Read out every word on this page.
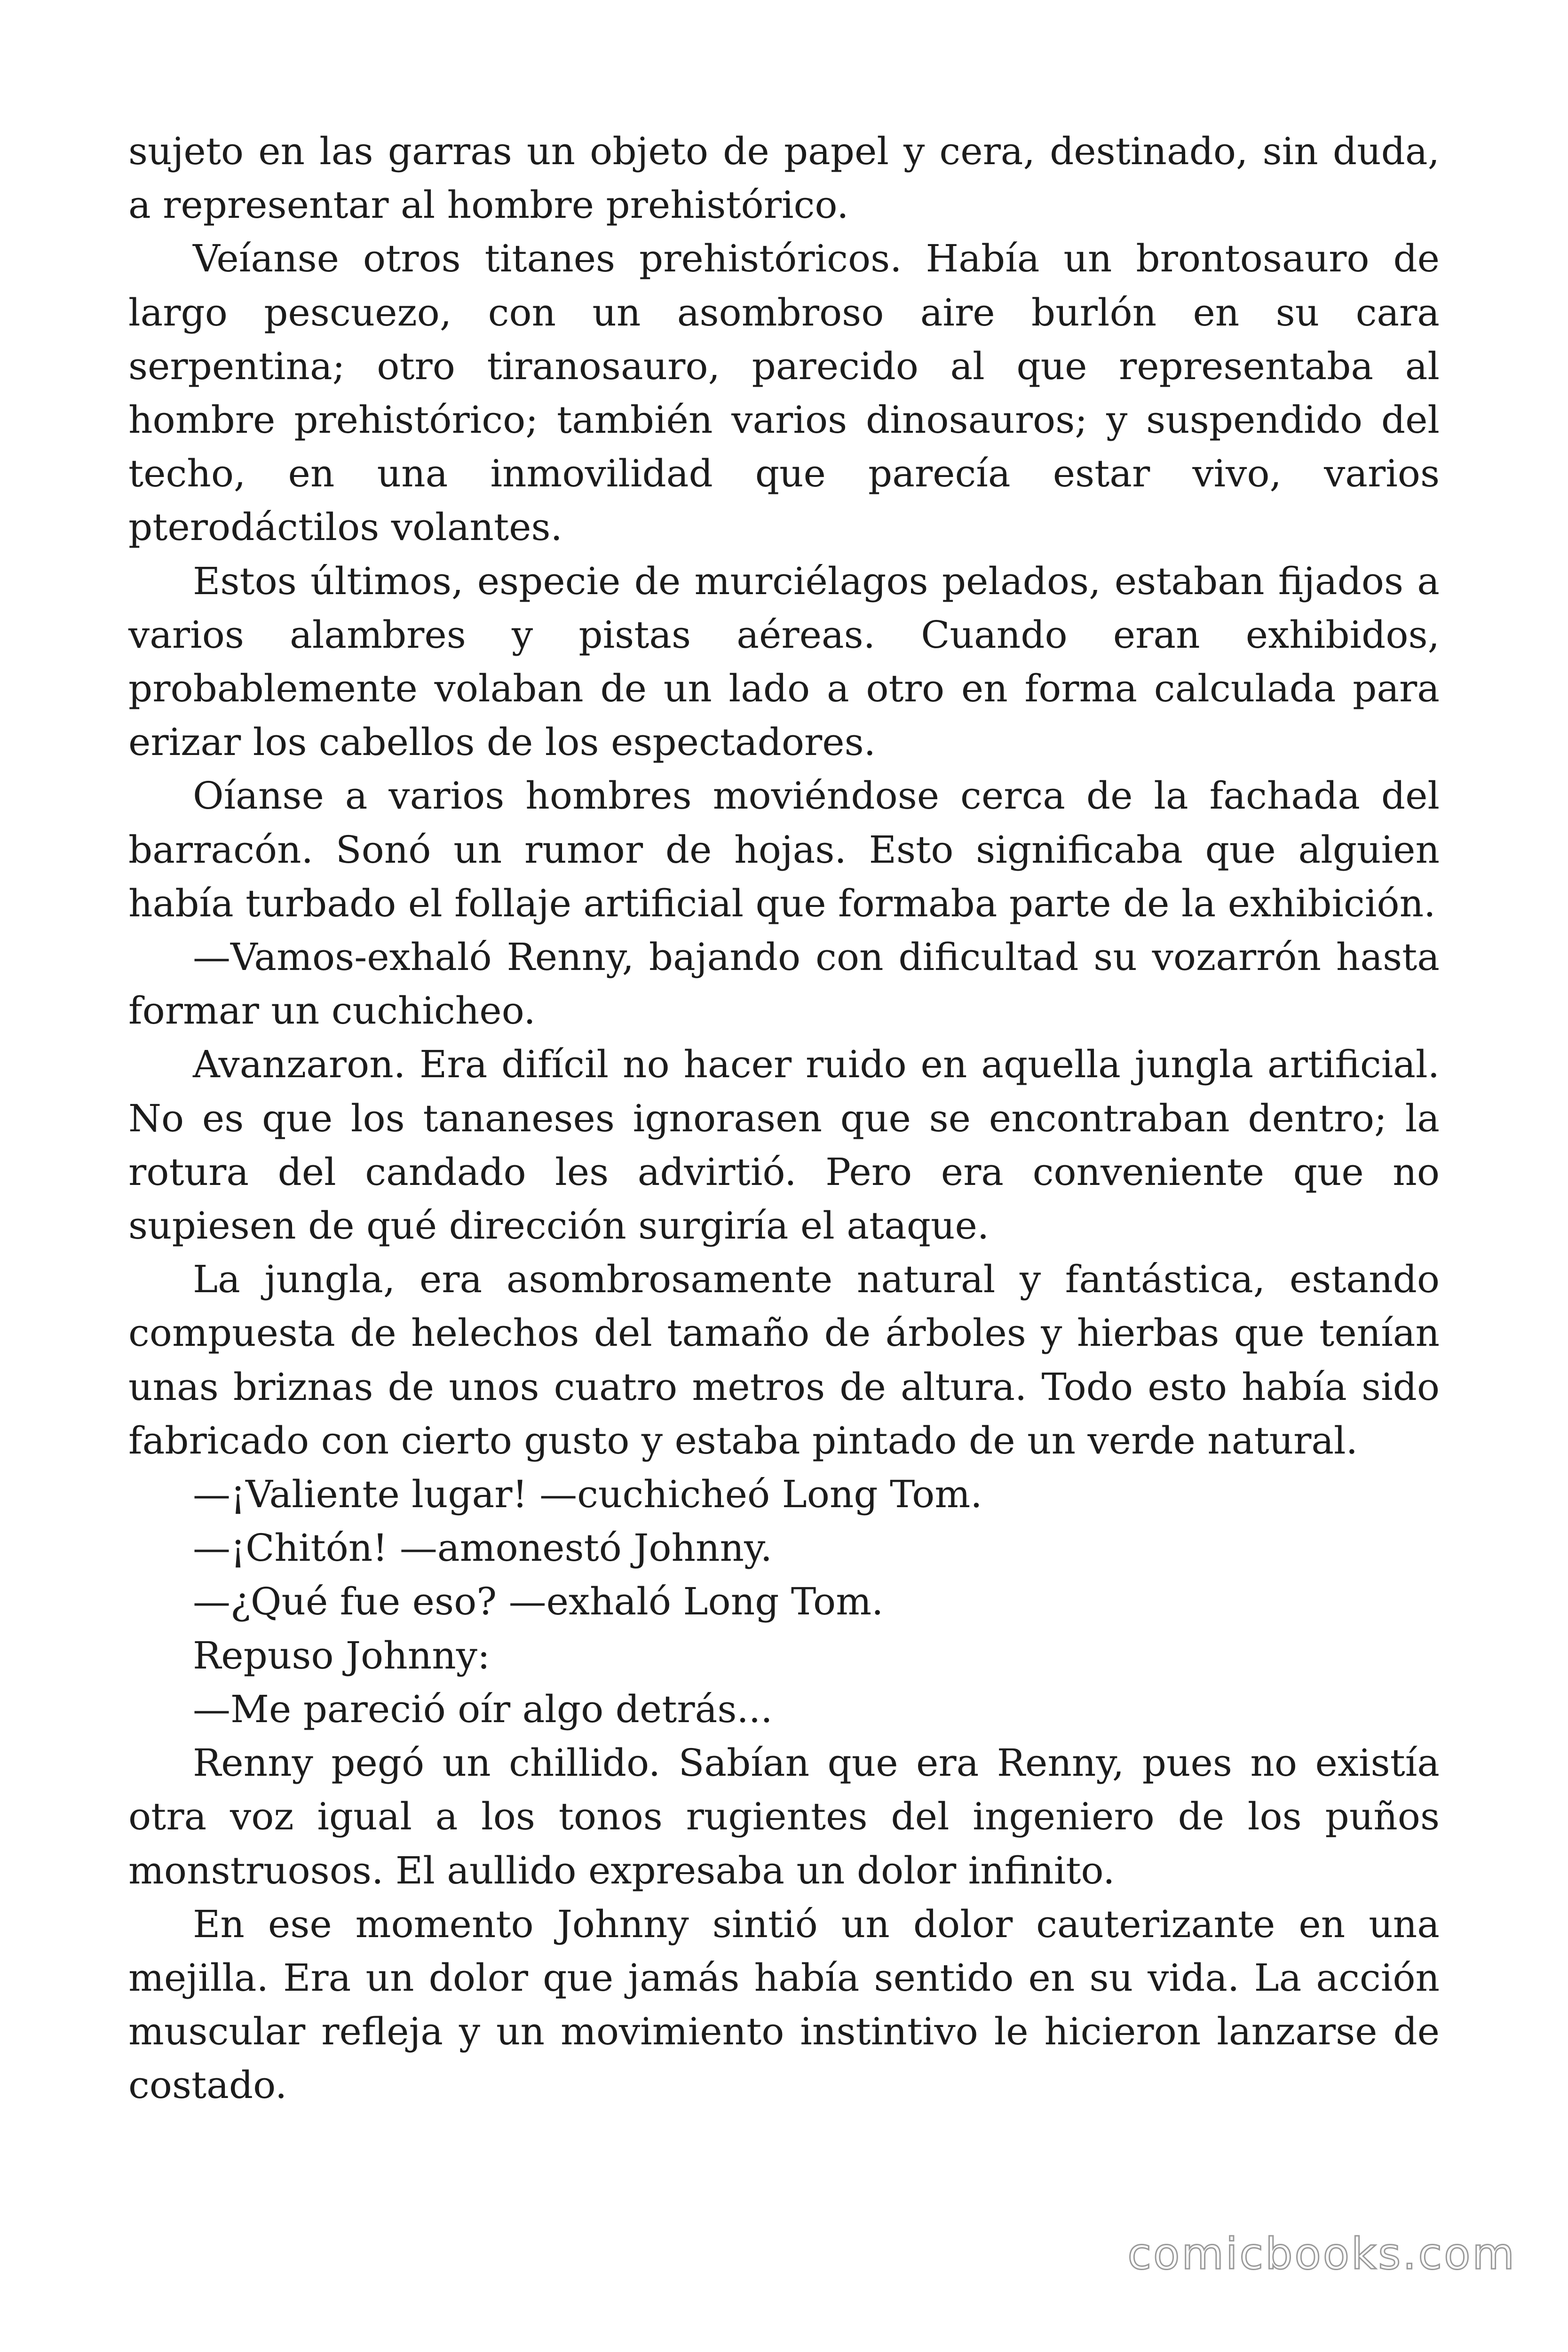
sujeto en las garras un objeto de papel y cera, destinado, sin duda, a representar al hombre prehistórico.

Veíanse otros titanes prehistóricos. Había un brontosauro de largo pescuezo, con un asombroso aire burlón en su cara serpentina; otro tiranosauro, parecido al que representaba al hombre prehistórico; también varios dinosauros; y suspendido del techo, en una inmovilidad que parecía estar vivo, varios pterodáctilos volantes.

Estos últimos, especie de murciélagos pelados, estaban fijados a varios alambres y pistas aéreas. Cuando eran exhibidos, probablemente volaban de un lado a otro en forma calculada para erizar los cabellos de los espectadores.

Oíanse a varios hombres moviéndose cerca de la fachada del barracón. Sonó un rumor de hojas. Esto significaba que alguien había turbado el follaje artificial que formaba parte de la exhibición.

—Vamos-exhaló Renny, bajando con dificultad su vozarrón hasta formar un cuchicheo.

Avanzaron. Era difícil no hacer ruido en aquella jungla artificial. No es que los tananeses ignorasen que se encontraban dentro; la rotura del candado les advirtió. Pero era conveniente que no supiesen de qué dirección surgiría el ataque.

La jungla, era asombrosamente natural y fantástica, estando compuesta de helechos del tamaño de árboles y hierbas que tenían unas briznas de unos cuatro metros de altura. Todo esto había sido fabricado con cierto gusto y estaba pintado de un verde natural.

—¡Valiente lugar! —cuchicheó Long Tom.

—¡Chitón! —amonestó Johnny.

—¿Qué fue eso? —exhaló Long Tom.

Repuso Johnny:

—Me pareció oír algo detrás...

Renny pegó un chillido. Sabían que era Renny, pues no existía otra voz igual a los tonos rugientes del ingeniero de los puños monstruosos. El aullido expresaba un dolor infinito.

En ese momento Johnny sintió un dolor cauterizante en una mejilla. Era un dolor que jamás había sentido en su vida. La acción muscular refleja y un movimiento instintivo le hicieron lanzarse de costado.

comicbooks.com
